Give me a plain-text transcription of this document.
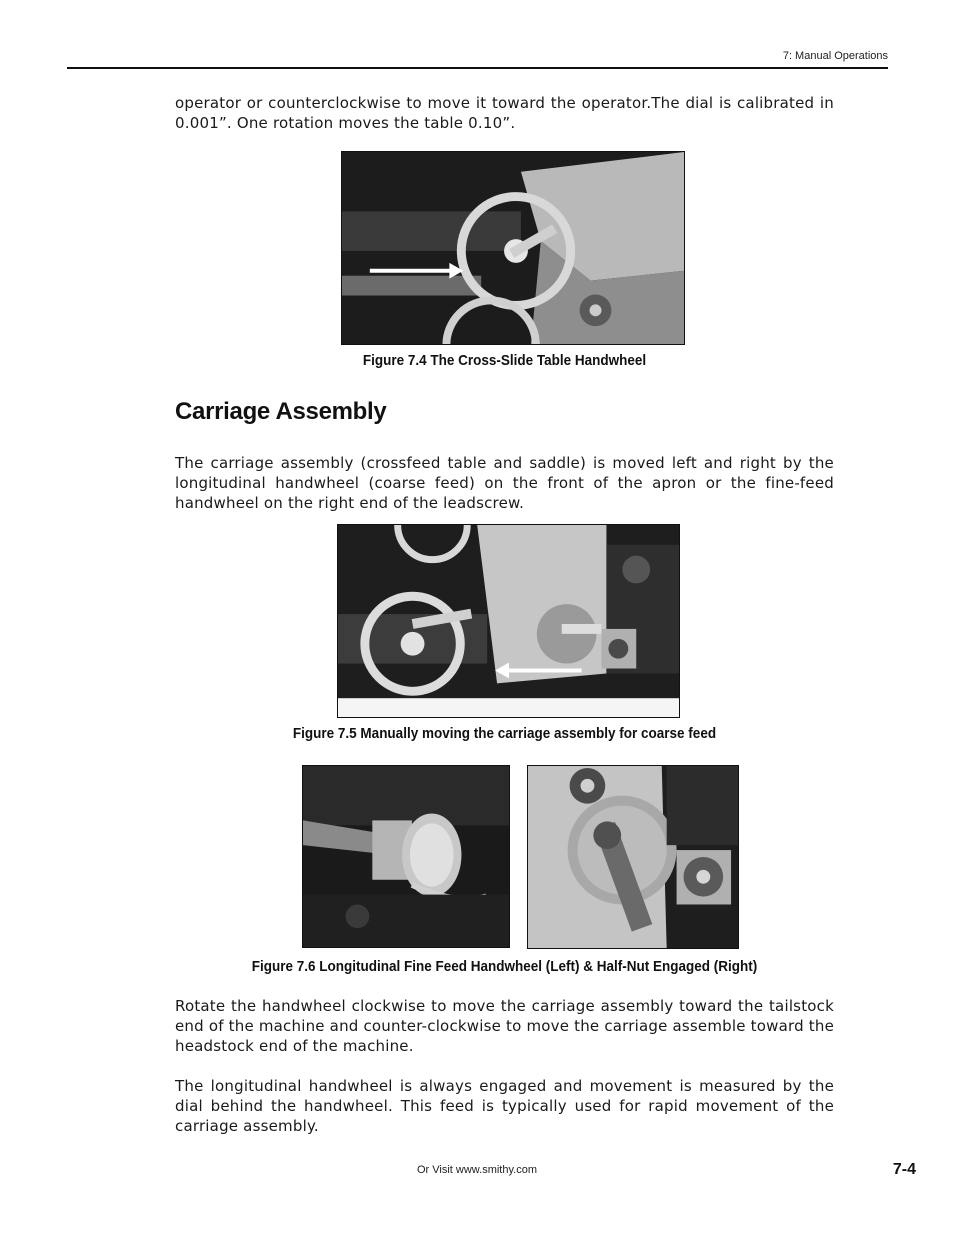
7: Manual Operations
operator or counterclockwise to move it toward the operator.The dial is calibrated in 0.001”. One rotation moves the table 0.10”.
Figure 7.4 The Cross-Slide Table Handwheel
Carriage Assembly
The carriage assembly (crossfeed table and saddle) is moved left and right by the longitudinal handwheel (coarse feed) on the front of the apron or the fine-feed handwheel on the right end of the leadscrew.
Figure 7.5 Manually moving the carriage assembly for coarse feed
Figure 7.6 Longitudinal Fine Feed Handwheel (Left) & Half-Nut Engaged (Right)
Rotate the handwheel clockwise to move the carriage assembly toward the tailstock end of the machine and counter-clockwise to move the carriage assemble toward the headstock end of the machine.
The longitudinal handwheel is always engaged and movement is measured by the dial behind the handwheel. This feed is typically used for rapid movement of the carriage assembly.
Or Visit www.smithy.com	7-4
